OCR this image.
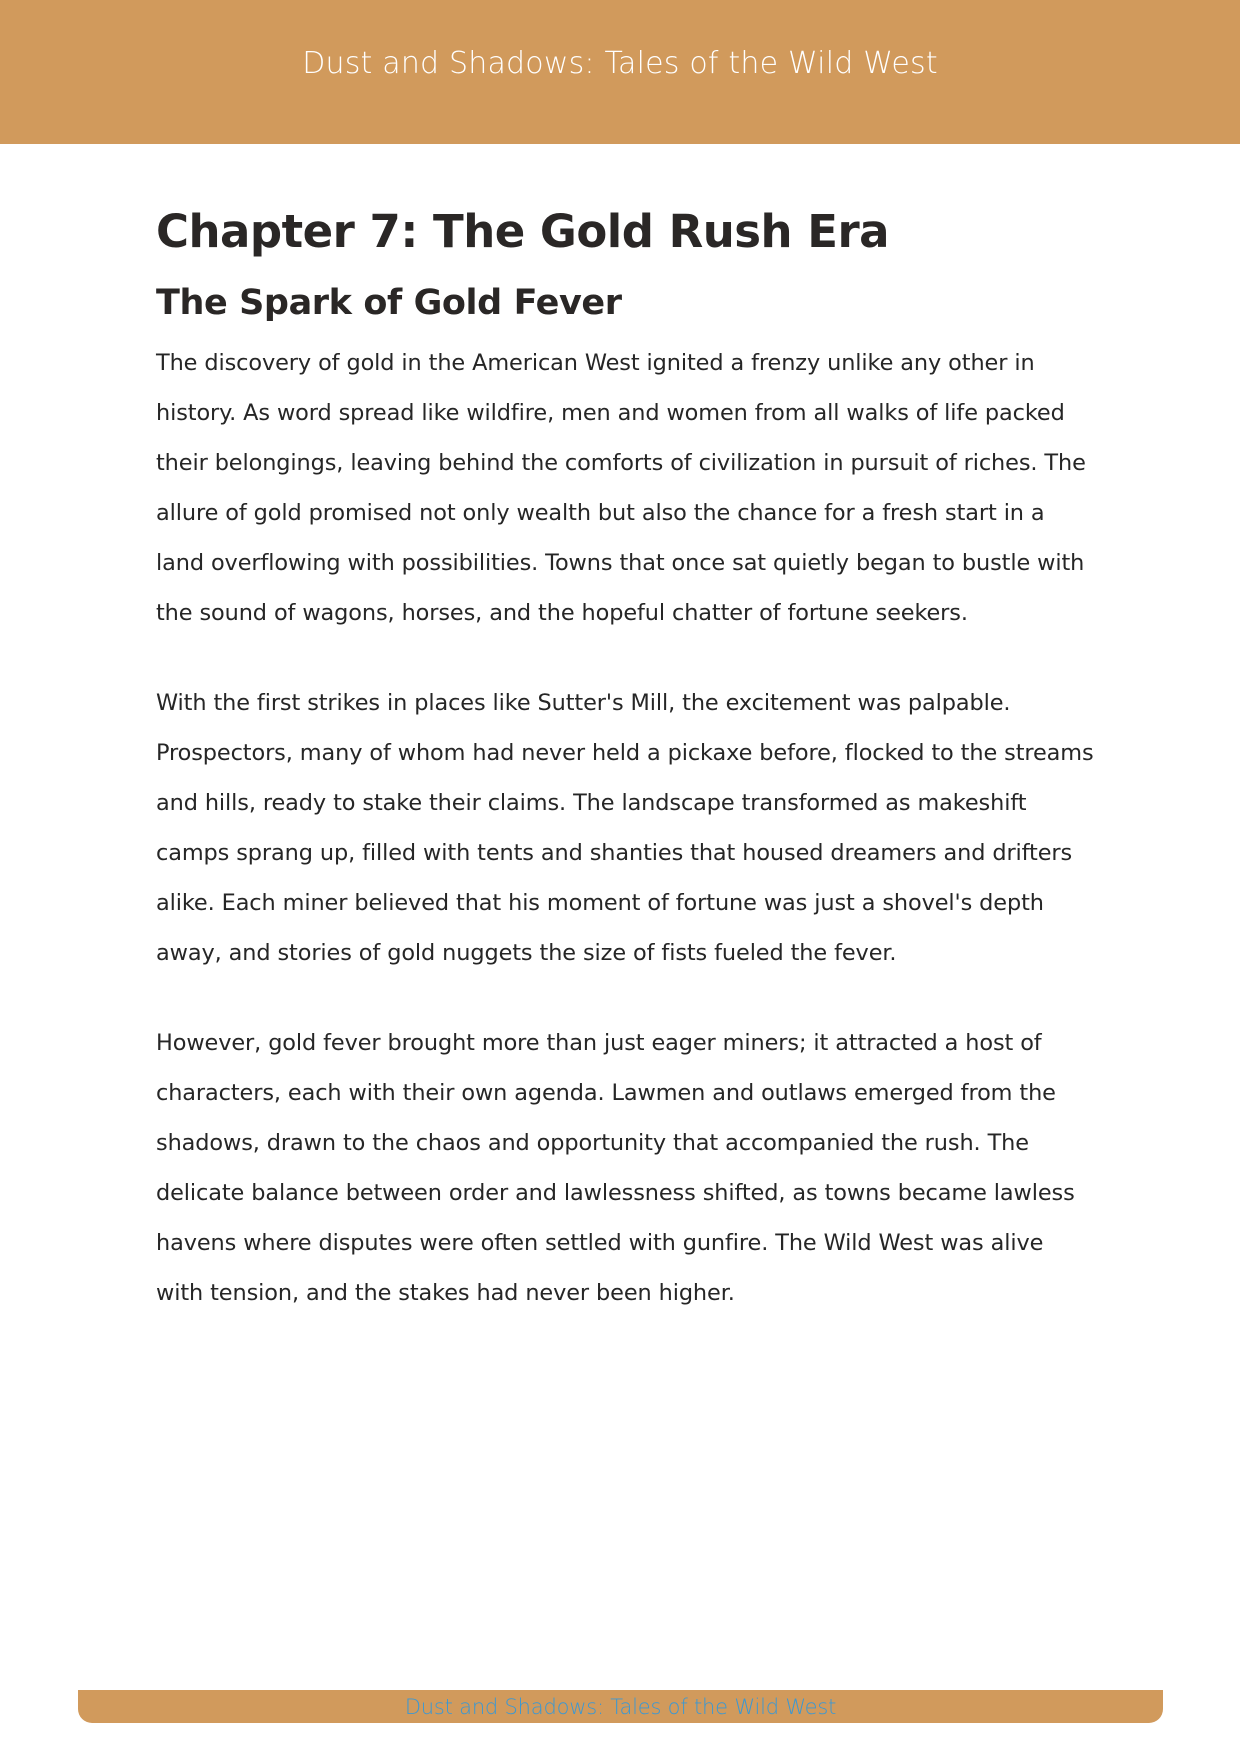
Dust and Shadows: Tales of the Wild West
Chapter 7: The Gold Rush Era
The Spark of Gold Fever

The discovery of gold in the American West ignited a frenzy unlike any other in history. As word spread like wildfire, men and women from all walks of life packed their belongings, leaving behind the comforts of civilization in pursuit of riches. The allure of gold promised not only wealth but also the chance for a fresh start in a land overflowing with possibilities. Towns that once sat quietly began to bustle with the sound of wagons, horses, and the hopeful chatter of fortune seekers.

With the first strikes in places like Sutter's Mill, the excitement was palpable. Prospectors, many of whom had never held a pickaxe before, flocked to the streams and hills, ready to stake their claims. The landscape transformed as makeshift camps sprang up, filled with tents and shanties that housed dreamers and drifters alike. Each miner believed that his moment of fortune was just a shovel's depth away, and stories of gold nuggets the size of fists fueled the fever.

However, gold fever brought more than just eager miners; it attracted a host of characters, each with their own agenda. Lawmen and outlaws emerged from the shadows, drawn to the chaos and opportunity that accompanied the rush. The delicate balance between order and lawlessness shifted, as towns became lawless havens where disputes were often settled with gunfire. The Wild West was alive with tension, and the stakes had never been higher.

Dust and Shadows: Tales of the Wild West
